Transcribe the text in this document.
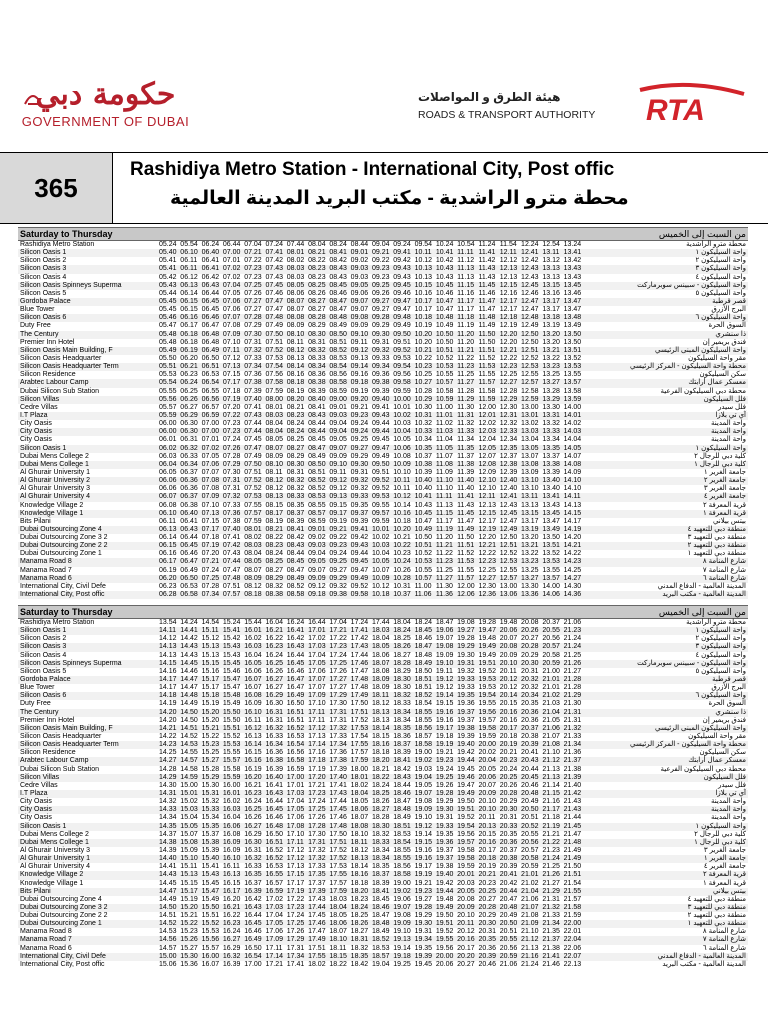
حكومة دبي
GOVERNMENT OF DUBAI
هيئة الطرق و المواصلات
ROADS & TRANSPORT AUTHORITY RTA
365
Rashidiya Metro Station - International City, Post offic
محطة مترو الراشدية - مكتب البريد المدينة العالمية
Saturday to Thursday	من السبت إلى الخميس
Rashidiya Metro Station	05.24 05.54 06.24 06.44 07.04 07.24 07.44 08.04 08.24 08.44 09.04 09.24 09.54 10.24 10.54 11.24 11.54 12.24 12.54 13.24	محطة مترو الراشدية
Silicon Oasis 1	05.40 06.10 06.40 07.00 07.21 07.41 08.01 08.21 08.41 09.01 09.21 09.41 10.11 10.41 11.11 11.41 12.11 12.41 13.11 13.41	واحة السيليكون ١
Silicon Oasis 2	05.41 06.11 06.41 07.01 07.22 07.42 08.02 08.22 08.42 09.02 09.22 09.42 10.12 10.42 11.12 11.42 12.12 12.42 13.12 13.42	واحة السيليكون ٢
Silicon Oasis 3	05.41 06.11 06.41 07.02 07.23 07.43 08.03 08.23 08.43 09.03 09.23 09.43 10.13 10.43 11.13 11.43 12.13 12.43 13.13 13.43	واحة السيليكون ٣
Silicon Oasis 4	05.42 06.12 06.42 07.02 07.23 07.43 08.03 08.23 08.43 09.03 09.23 09.43 10.13 10.43 11.13 11.43 12.13 12.43 13.13 13.43	واحة السيليكون ٤
Silicon Oasis Spinneys Superma	05.43 06.13 06.43 07.04 07.25 07.45 08.05 08.25 08.45 09.05 09.25 09.45 10.15 10.45 11.15 11.45 12.15 12.45 13.15 13.45	واحة السيليكون - سبينس سوبرماركت
Silicon Oasis 5	05.44 06.14 06.44 07.05 07.26 07.46 08.06 08.26 08.46 09.06 09.26 09.46 10.16 10.46 11.16 11.46 12.16 12.46 13.16 13.46	واحة السيليكون ٥
Gordoba Palace	05.45 06.15 06.45 07.06 07.27 07.47 08.07 08.27 08.47 09.07 09.27 09.47 10.17 10.47 11.17 11.47 12.17 12.47 13.17 13.47	قصر قرطبة
Blue Tower	05.45 06.15 06.45 07.06 07.27 07.47 08.07 08.27 08.47 09.07 09.27 09.47 10.17 10.47 11.17 11.47 12.17 12.47 13.17 13.47	البرج الأزرق
Silicon Oasis 6	05.46 06.16 06.46 07.07 07.28 07.48 08.08 08.28 08.48 09.08 09.28 09.48 10.18 10.48 11.18 11.48 12.18 12.48 13.18 13.48	واحة السيليكون ٦
Duty Free	05.47 06.17 06.47 07.08 07.29 07.49 08.09 08.29 08.49 09.09 09.29 09.49 10.19 10.49 11.19 11.49 12.19 12.49 13.19 13.49	السوق الحرة
The Century	05.48 06.18 06.48 07.09 07.30 07.50 08.10 08.30 08.50 09.10 09.30 09.50 10.20 10.50 11.20 11.50 12.20 12.50 13.20 13.50	ذا سنشري
Premier Inn Hotel	05.48 06.18 06.48 07.10 07.31 07.51 08.11 08.31 08.51 09.11 09.31 09.51 10.20 10.50 11.20 11.50 12.20 12.50 13.20 13.50	فندق بريمير إن
Silicon Oasis Main Building, F	05.49 06.19 06.49 07.11 07.32 07.52 08.12 08.32 08.52 09.12 09.32 09.52 10.21 10.51 11.21 11.51 12.21 12.51 13.21 13.51	واحة السيليكون المبنى الرئيسي
Silicon Oasis Headquarter	05.50 06.20 06.50 07.12 07.33 07.53 08.13 08.33 08.53 09.13 09.33 09.53 10.22 10.52 11.22 11.52 12.22 12.52 13.22 13.52	مقر واحة السيليكون
Silicon Oasis Headquarter Term	05.51 06.21 06.51 07.13 07.34 07.54 08.14 08.34 08.54 09.14 09.34 09.54 10.23 10.53 11.23 11.53 12.23 12.53 13.23 13.53	محطة واحة السيليكون - المركز الرئيسي
Silicon Residence	05.53 06.23 06.53 07.15 07.36 07.56 08.16 08.36 08.56 09.16 09.36 09.56 10.25 10.55 11.25 11.55 12.25 12.55 13.25 13.55	سكن السيليكون
Arabtec Labour Camp	05.54 06.24 06.54 07.17 07.38 07.58 08.18 08.38 08.58 09.18 09.38 09.58 10.27 10.57 11.27 11.57 12.27 12.57 13.27 13.57	معسكر عمال أرابتك
Dubai Silicon Sub Station	05.55 06.25 06.55 07.18 07.39 07.59 08.19 08.39 08.59 09.19 09.39 09.59 10.28 10.58 11.28 11.58 12.28 12.58 13.28 13.58	محطة دبي السيليكون الفرعية
Silicon Villas	05.56 06.26 06.56 07.19 07.40 08.00 08.20 08.40 09.00 09.20 09.40 10.00 10.29 10.59 11.29 11.59 12.29 12.59 13.29 13.59	فلل السيليكون
Cedre Villas	05.57 06.27 06.57 07.20 07.41 08.01 08.21 08.41 09.01 09.21 09.41 10.01 10.30 11.00 11.30 12.00 12.30 13.00 13.30 14.00	فلل سيدر
I.T Plaza	05.59 06.29 06.59 07.22 07.43 08.03 08.23 08.43 09.03 09.23 09.43 10.02 10.31 11.01 11.31 12.01 12.31 13.01 13.31 14.01	آي تي بلازا
City Oasis	06.00 06.30 07.00 07.23 07.44 08.04 08.24 08.44 09.04 09.24 09.44 10.03 10.32 11.02 11.32 12.02 12.32 13.02 13.32 14.02	واحة المدينة
City Oasis	06.00 06.30 07.00 07.23 07.44 08.04 08.24 08.44 09.04 09.24 09.44 10.04 10.33 11.03 11.33 12.03 12.33 13.03 13.33 14.03	واحة المدينة
City Oasis	06.01 06.31 07.01 07.24 07.45 08.05 08.25 08.45 09.05 09.25 09.45 10.05 10.34 11.04 11.34 12.04 12.34 13.04 13.34 14.04	واحة المدينة
Silicon Oasis 1	06.02 06.32 07.02 07.26 07.47 08.07 08.27 08.47 09.07 09.27 09.47 10.06 10.35 11.05 11.35 12.05 12.35 13.05 13.35 14.05	واحة السيليكون ١
Dubai Mens College 2	06.03 06.33 07.05 07.28 07.49 08.09 08.29 08.49 09.09 09.29 09.49 10.08 10.37 11.07 11.37 12.07 12.37 13.07 13.37 14.07	كلية دبي للرجال ٢
Dubai Mens College 1	06.04 06.34 07.06 07.29 07.50 08.10 08.30 08.50 09.10 09.30 09.50 10.09 10.38 11.08 11.38 12.08 12.38 13.08 13.38 14.08	كلية دبي للرجال ١
Al Ghurair University 1	06.05 06.37 07.07 07.30 07.51 08.11 08.31 08.51 09.11 09.31 09.51 10.10 10.39 11.09 11.39 12.09 12.39 13.09 13.39 14.09	جامعة الغرير ١
Al Ghurair University 2	06.06 06.36 07.08 07.31 07.52 08.12 08.32 08.52 09.12 09.32 09.52 10.11 10.40 11.10 11.40 12.10 12.40 13.10 13.40 14.10	جامعة الغرير ٢
Al Ghurair University 3	06.06 06.36 07.08 07.31 07.52 08.12 08.32 08.52 09.12 09.32 09.52 10.11 10.40 11.10 11.40 12.10 12.40 13.10 13.40 14.10	جامعة الغرير ٣
Al Ghurair University 4	06.07 06.37 07.09 07.32 07.53 08.13 08.33 08.53 09.13 09.33 09.53 10.12 10.41 11.11 11.41 12.11 12.41 13.11 13.41 14.11	جامعة الغرير ٤
Knowledge Village 2	06.08 06.38 07.10 07.33 07.55 08.15 08.35 08.55 09.15 09.35 09.55 10.14 10.43 11.13 11.43 12.13 12.43 13.13 13.43 14.13	قرية المعرفة ٢
Knowledge Village 1	06.10 06.40 07.13 07.36 07.57 08.17 08.37 08.57 09.17 09.37 09.57 10.16 10.45 11.15 11.45 12.15 12.45 13.15 13.45 14.15	قرية المعرفة ١
Bits Pilani	06.11 06.41 07.15 07.38 07.59 08.19 08.39 08.59 09.19 09.39 09.59 10.18 10.47 11.17 11.47 12.17 12.47 13.17 13.47 14.17	بيتس بيلاني
Dubai Outsourcing Zone 4	06.13 06.43 07.17 07.40 08.01 08.21 08.41 09.01 09.21 09.41 10.01 10.20 10.49 11.19 11.49 12.19 12.49 13.19 13.49 14.19	منطقة دبي للتعهيد ٤
Dubai Outsourcing Zone 3 2	06.14 06.44 07.18 07.41 08.02 08.22 08.42 09.02 09.22 09.42 10.02 10.21 10.50 11.20 11.50 12.20 12.50 13.20 13.50 14.20	منطقة دبي للتعهيد ٣
Dubai Outsourcing Zone 2 2	06.15 06.45 07.19 07.42 08.03 08.23 08.43 09.03 09.23 09.43 10.03 10.22 10.51 11.21 11.51 12.21 12.51 13.21 13.51 14.21	منطقة دبي للتعهيد ٢
Dubai Outsourcing Zone 1	06.16 06.46 07.20 07.43 08.04 08.24 08.44 09.04 09.24 09.44 10.04 10.23 10.52 11.22 11.52 12.22 12.52 13.22 13.52 14.22	منطقة دبي للتعهيد ١
Manama Road 8	06.17 06.47 07.21 07.44 08.05 08.25 08.45 09.05 09.25 09.45 10.05 10.24 10.53 11.23 11.53 12.23 12.53 13.23 13.53 14.23	شارع المنامة ٨
Manama Road 7	06.19 06.49 07.24 07.47 08.07 08.27 08.47 09.07 09.27 09.47 10.07 10.26 10.55 11.25 11.55 12.25 12.55 13.25 13.55 14.25	شارع المنامة ٧
Manama Road 6	06.20 06.50 07.25 07.48 08.09 08.29 08.49 09.09 09.29 09.49 10.09 10.28 10.57 11.27 11.57 12.27 12.57 13.27 13.57 14.27	شارع المنامة ٦
International City, Civil Defe	06.23 06.53 07.28 07.51 08.12 08.32 08.52 09.12 09.32 09.52 10.12 10.31 11.00 11.30 12.00 12.30 13.00 13.30 14.00 14.30	المدينة العالمية - الدفاع المدني
International City, Post offic	06.28 06.58 07.34 07.57 08.18 08.38 08.58 09.18 09.38 09.58 10.18 10.37 11.06 11.36 12.06 12.36 13.06 13.36 14.06 14.36	المدينة العالمية - مكتب البريد
Saturday to Thursday	من السبت إلى الخميس
Rashidiya Metro Station	13.54 14.24 14.54 15.24 15.44 16.04 16.24 16.44 17.04 17.24 17.44 18.04 18.24 18.47 19.08 19.28 19.48 20.08 20.37 21.06	محطة مترو الراشدية
Silicon Oasis 1	14.11 14.41 15.11 15.41 16.01 16.21 16.41 17.01 17.21 17.41 18.03 18.24 18.45 19.06 19.27 19.47 20.06 20.26 20.55 21.23	واحة السيليكون ١
Silicon Oasis 2	14.12 14.42 15.12 15.42 16.02 16.22 16.42 17.02 17.22 17.42 18.04 18.25 18.46 19.07 19.28 19.48 20.07 20.27 20.56 21.24	واحة السيليكون ٢
Silicon Oasis 3	14.13 14.43 15.13 15.43 16.03 16.23 16.43 17.03 17.23 17.43 18.05 18.26 18.47 19.08 19.29 19.49 20.08 20.28 20.57 21.24	واحة السيليكون ٣
Silicon Oasis 4	14.13 14.43 15.13 15.43 16.04 16.24 16.44 17.04 17.24 17.44 18.06 18.27 18.48 19.09 19.30 19.49 20.09 20.29 20.58 21.25	واحة السيليكون ٤
Silicon Oasis Spinneys Superma	14.15 14.45 15.15 15.45 16.05 16.25 16.45 17.05 17.25 17.46 18.07 18.28 18.49 19.10 19.31 19.51 20.10 20.30 20.59 21.26	واحة السيليكون - سبينس سوبرماركت
Silicon Oasis 5	14.16 14.46 15.16 15.46 16.06 16.26 16.46 17.06 17.26 17.47 18.08 18.29 18.50 19.11 19.32 19.52 20.11 20.31 21.00 21.27	واحة السيليكون ٥
Gordoba Palace	14.17 14.47 15.17 15.47 16.07 16.27 16.47 17.07 17.27 17.48 18.09 18.30 18.51 19.12 19.33 19.53 20.12 20.32 21.01 21.28	قصر قرطبة
Blue Tower	14.17 14.47 15.17 15.47 16.07 16.27 16.47 17.07 17.27 17.48 18.09 18.30 18.51 19.12 19.33 19.53 20.12 20.32 21.01 21.28	البرج الأزرق
Silicon Oasis 6	14.18 14.48 15.18 15.48 16.08 16.29 16.49 17.09 17.29 17.49 18.11 18.32 18.52 19.14 19.35 19.54 20.14 20.34 21.02 21.29	واحة السيليكون ٦
Duty Free	14.19 14.49 15.19 15.49 16.09 16.30 16.50 17.10 17.30 17.50 18.12 18.33 18.54 19.15 19.36 19.55 20.15 20.35 21.03 21.30	السوق الحرة
The Century	14.20 14.50 15.20 15.50 16.10 16.31 16.51 17.11 17.31 17.51 18.13 18.34 18.55 19.16 19.37 19.56 20.16 20.36 21.04 21.31	ذا سنشري
Premier Inn Hotel	14.20 14.50 15.20 15.50 16.11 16.31 16.51 17.11 17.31 17.52 18.13 18.34 18.55 19.16 19.37 19.57 20.16 20.36 21.05 21.31	فندق بريمير إن
Silicon Oasis Main Building, F	14.21 14.51 15.21 15.51 16.12 16.32 16.52 17.12 17.32 17.53 18.14 18.35 18.56 19.17 19.38 19.58 20.17 20.37 21.06 21.32	واحة السيليكون المبنى الرئيسي
Silicon Oasis Headquarter	14.22 14.52 15.22 15.52 16.13 16.33 16.53 17.13 17.33 17.54 18.15 18.36 18.57 19.18 19.39 19.59 20.18 20.38 21.07 21.33	مقر واحة السيليكون
Silicon Oasis Headquarter Term	14.23 14.53 15.23 15.53 16.14 16.34 16.54 17.14 17.34 17.55 18.16 18.37 18.58 19.19 19.40 20.00 20.19 20.39 21.08 21.34	محطة واحة السيليكون - المركز الرئيسي
Silicon Residence	14.25 14.55 15.25 15.55 16.15 16.36 16.56 17.16 17.36 17.57 18.18 18.39 19.00 19.21 19.42 20.02 20.21 20.41 21.10 21.36	سكن السيليكون
Arabtec Labour Camp	14.27 14.57 15.27 15.57 16.16 16.38 16.58 17.18 17.38 17.59 18.20 18.41 19.02 19.23 19.44 20.04 20.23 20.43 21.12 21.37	معسكر عمال أرابتك
Dubai Silicon Sub Station	14.28 14.58 15.28 15.58 16.19 16.39 16.59 17.19 17.39 18.00 18.21 18.42 19.03 19.24 19.45 20.05 20.24 20.44 21.13 21.38	محطة دبي السيليكون الفرعية
Silicon Villas	14.29 14.59 15.29 15.59 16.20 16.40 17.00 17.20 17.40 18.01 18.22 18.43 19.04 19.25 19.46 20.06 20.25 20.45 21.13 21.39	فلل السيليكون
Cedre Villas	14.30 15.00 15.30 16.00 16.21 16.41 17.01 17.21 17.41 18.02 18.24 18.44 19.05 19.26 19.47 20.07 20.26 20.46 21.14 21.40	فلل سيدر
I.T Plaza	14.31 15.01 15.31 16.01 16.23 16.43 17.03 17.23 17.43 18.04 18.25 18.46 19.07 19.28 19.49 20.09 20.28 20.48 21.15 21.42	آي تي بلازا
City Oasis	14.32 15.02 15.32 16.02 16.24 16.44 17.04 17.24 17.44 18.05 18.26 18.47 19.08 19.29 19.50 20.10 20.29 20.49 21.16 21.43	واحة المدينة
City Oasis	14.33 15.03 15.33 16.03 16.25 16.45 17.05 17.25 17.45 18.06 18.27 18.48 19.09 19.30 19.51 20.10 20.30 20.50 21.17 21.43	واحة المدينة
City Oasis	14.34 15.04 15.34 16.04 16.26 16.46 17.06 17.26 17.46 18.07 18.28 18.49 19.10 19.31 19.52 20.11 20.31 20.51 21.18 21.44	واحة المدينة
Silicon Oasis 1	14.35 15.05 15.35 16.06 16.27 16.48 17.08 17.28 17.48 18.08 18.30 18.51 19.12 19.33 19.54 20.13 20.33 20.52 21.19 21.45	واحة السيليكون ١
Dubai Mens College 2	14.37 15.07 15.37 16.08 16.29 16.50 17.10 17.30 17.50 18.10 18.32 18.53 19.14 19.35 19.56 20.15 20.35 20.55 21.21 21.47	كلية دبي للرجال ٢
Dubai Mens College 1	14.38 15.08 15.38 16.09 16.30 16.51 17.11 17.31 17.51 18.11 18.33 18.54 19.15 19.36 19.57 20.16 20.36 20.56 21.22 21.48	كلية دبي للرجال ١
Al Ghurair University 3	14.39 15.09 15.39 16.09 16.31 16.52 17.12 17.32 17.52 18.12 18.34 18.55 19.16 19.37 19.58 20.17 20.37 20.57 21.23 21.49	جامعة الغرير ٣
Al Ghurair University 1	14.40 15.10 15.40 16.10 16.32 16.52 17.12 17.32 17.52 18.13 18.34 18.55 19.16 19.37 19.58 20.18 20.38 20.58 21.24 21.49	جامعة الغرير ١
Al Ghurair University 4	14.41 15.11 15.41 16.11 16.33 16.53 17.13 17.33 17.53 18.14 18.35 18.56 19.17 19.38 19.59 20.19 20.39 20.59 21.25 21.50	جامعة الغرير ٤
Knowledge Village 2	14.43 15.13 15.43 16.13 16.35 16.55 17.15 17.35 17.55 18.16 18.37 18.58 19.19 19.40 20.01 20.21 20.41 21.01 21.26 21.51	قرية المعرفة ٢
Knowledge Village 1	14.45 15.15 15.45 16.15 16.37 16.57 17.17 17.37 17.57 18.18 18.39 19.00 19.21 19.42 20.03 20.23 20.42 21.02 21.27 21.54	قرية المعرفة ١
Bits Pilani	14.47 15.17 15.47 16.17 16.39 16.59 17.19 17.39 17.59 18.20 18.41 19.02 19.23 19.44 20.05 20.25 20.44 21.04 21.29 21.55	بيتس بيلاني
Dubai Outsourcing Zone 4	14.49 15.19 15.49 16.20 16.42 17.02 17.22 17.43 18.03 18.23 18.45 19.06 19.27 19.48 20.08 20.27 20.47 21.06 21.31 21.57	منطقة دبي للتعهيد ٤
Dubai Outsourcing Zone 3 2	14.50 15.20 15.50 16.21 16.43 17.03 17.23 17.44 18.04 18.24 18.46 19.07 19.28 19.49 20.09 20.28 20.48 21.07 21.32 21.58	منطقة دبي للتعهيد ٣
Dubai Outsourcing Zone 2 2	14.51 15.21 15.51 16.22 16.44 17.04 17.24 17.45 18.05 18.25 18.47 19.08 19.29 19.50 20.10 20.29 20.49 21.08 21.33 21.59	منطقة دبي للتعهيد ٢
Dubai Outsourcing Zone 1	14.52 15.22 15.52 16.23 16.45 17.05 17.25 17.46 18.06 18.26 18.48 19.09 19.30 19.51 20.11 20.30 20.50 21.09 21.34 22.00	منطقة دبي للتعهيد ١
Manama Road 8	14.53 15.23 15.53 16.24 16.46 17.06 17.26 17.47 18.07 18.27 18.49 19.10 19.31 19.52 20.12 20.31 20.51 21.10 21.35 22.01	شارع المنامة ٨
Manama Road 7	14.56 15.26 15.56 16.27 16.49 17.09 17.29 17.49 18.10 18.31 18.52 19.13 19.34 19.55 20.16 20.35 20.55 21.12 21.37 22.04	شارع المنامة ٧
Manama Road 6	14.57 15.27 15.57 16.29 16.50 17.11 17.31 17.51 18.11 18.32 18.53 19.14 19.35 19.56 20.17 20.36 20.56 21.13 21.38 22.06	شارع المنامة ٦
International City, Civil Defe	15.00 15.30 16.00 16.32 16.54 17.14 17.34 17.55 18.15 18.35 18.57 19.18 19.39 20.00 20.20 20.39 20.59 21.16 21.41 22.07	المدينة العالمية - الدفاع المدني
International City, Post offic	15.06 15.36 16.07 16.39 17.00 17.21 17.41 18.02 18.22 18.42 19.04 19.25 19.45 20.06 20.27 20.46 21.06 21.24 21.46 22.13	المدينة العالمية - مكتب البريد
